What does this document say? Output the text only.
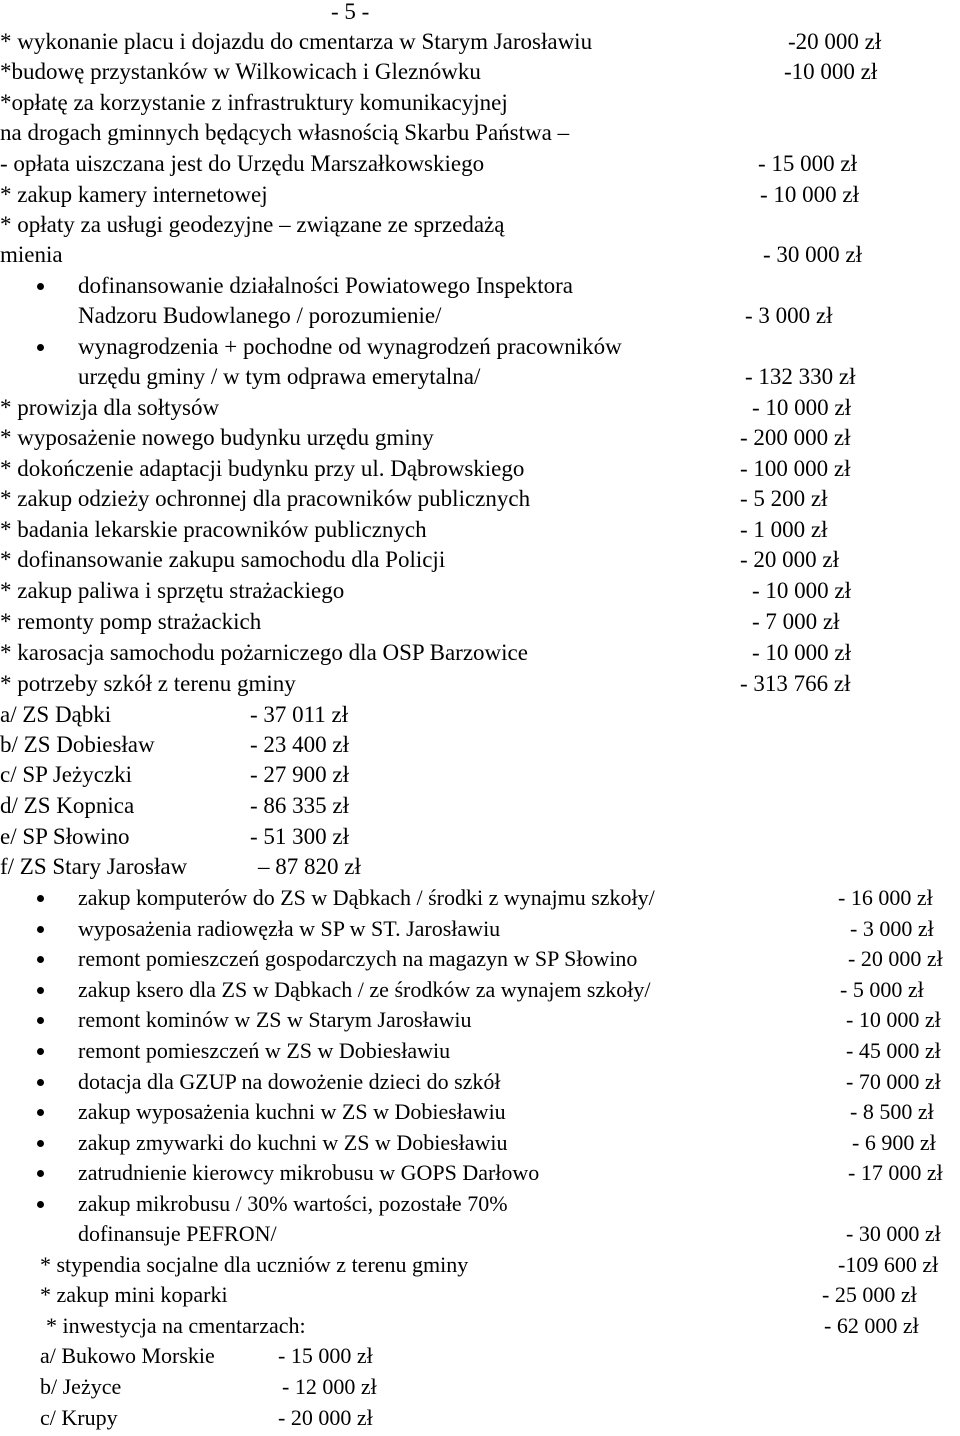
- 5 -
* wykonanie placu i dojazdu do cmentarza w Starym Jarosławiu	-20 000 zł
*budowę przystanków w Wilkowicach i Gleznówku	-10 000 zł
*opłatę za korzystanie z infrastruktury komunikacyjnej
na drogach gminnych będących własnością Skarbu Państwa –
- opłata uiszczana jest do Urzędu Marszałkowskiego	- 15 000 zł
* zakup kamery internetowej	- 10 000 zł
* opłaty za usługi geodezyjne – związane ze sprzedażą
mienia	- 30 000 zł
dofinansowanie działalności Powiatowego Inspektora
Nadzoru Budowlanego / porozumienie/	- 3 000 zł
wynagrodzenia + pochodne od wynagrodzeń pracowników
urzędu gminy / w tym odprawa emerytalna/	- 132 330 zł
* prowizja dla sołtysów	- 10 000 zł
* wyposażenie nowego budynku urzędu gminy	- 200 000 zł
* dokończenie adaptacji budynku przy ul. Dąbrowskiego	- 100 000 zł
* zakup odzieży ochronnej dla pracowników publicznych	- 5 200 zł
* badania lekarskie pracowników publicznych	- 1 000 zł
* dofinansowanie zakupu samochodu dla Policji	- 20 000 zł
* zakup paliwa i sprzętu strażackiego	- 10 000 zł
* remonty pomp strażackich	- 7 000 zł
* karosacja samochodu pożarniczego dla OSP Barzowice	- 10 000 zł
* potrzeby szkół z terenu gminy	- 313 766 zł
a/ ZS Dąbki	- 37 011 zł
b/ ZS Dobiesław	- 23 400 zł
c/ SP Jeżyczki	- 27 900 zł
d/ ZS Kopnica	- 86 335 zł
e/ SP Słowino	- 51 300 zł
f/ ZS Stary Jarosław	– 87 820 zł
zakup komputerów do ZS w Dąbkach / środki z wynajmu szkoły/	- 16 000 zł
wyposażenia radiowęzła w SP w ST. Jarosławiu	- 3 000 zł
remont pomieszczeń gospodarczych na magazyn w SP Słowino	- 20 000 zł
zakup ksero dla ZS w Dąbkach / ze środków za wynajem szkoły/	- 5 000 zł
remont kominów w ZS w Starym Jarosławiu	- 10 000 zł
remont pomieszczeń w ZS w Dobiesławiu	- 45 000 zł
dotacja dla GZUP na dowożenie dzieci do szkół	- 70 000 zł
zakup wyposażenia kuchni w ZS w Dobiesławiu	- 8 500 zł
zakup zmywarki do kuchni w ZS w Dobiesławiu	- 6 900 zł
zatrudnienie kierowcy mikrobusu w GOPS Darłowo	- 17 000 zł
zakup mikrobusu / 30% wartości, pozostałe 70%
dofinansuje PEFRON/	- 30 000 zł
* stypendia socjalne dla uczniów z terenu gminy	-109 600 zł
* zakup mini koparki	- 25 000 zł
* inwestycja na cmentarzach:	- 62 000 zł
a/ Bukowo Morskie	- 15 000 zł
b/ Jeżyce	- 12 000 zł
c/ Krupy	- 20 000 zł
